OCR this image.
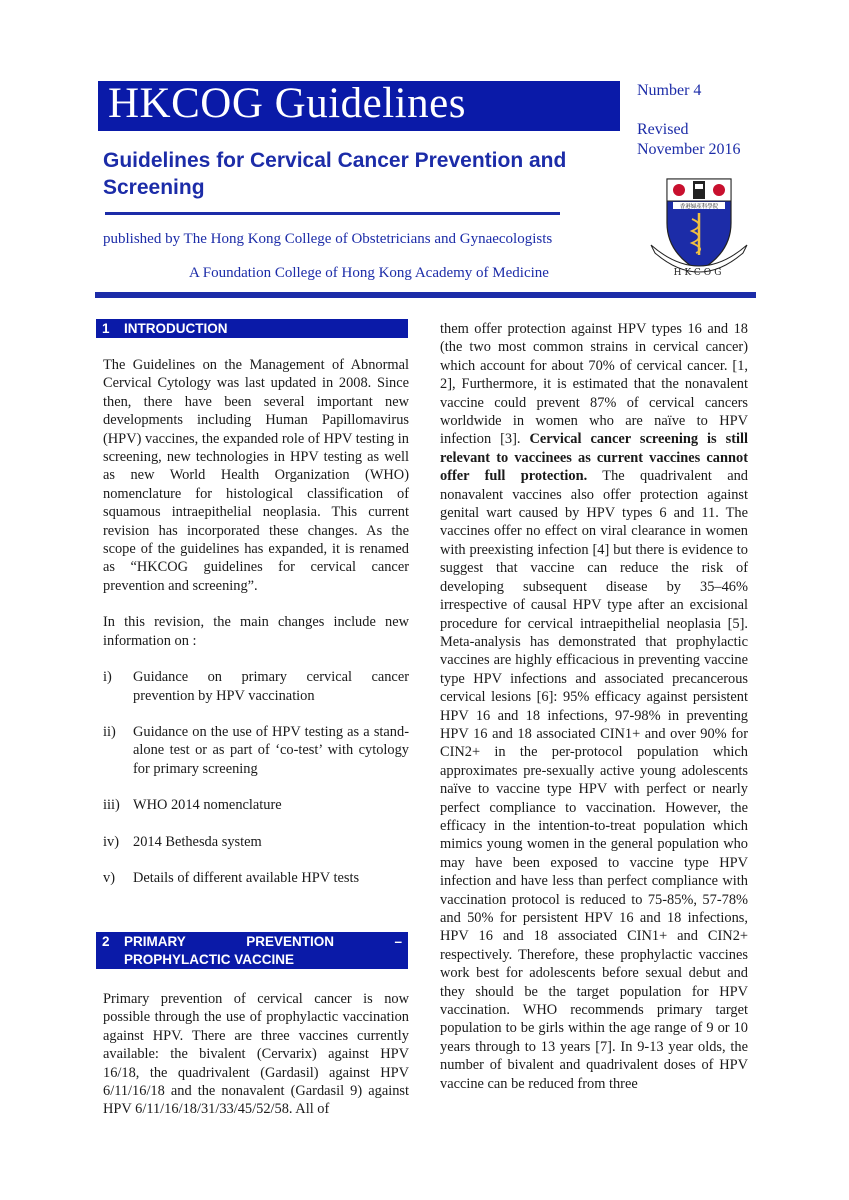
HKCOG Guidelines	Number 4
Revised
November 2016
Guidelines for Cervical Cancer Prevention and Screening
published by The Hong Kong College of Obstetricians and Gynaecologists
A Foundation College of Hong Kong Academy of Medicine
香港婦產科學院
HKCOG
1 INTRODUCTION

The Guidelines on the Management of Abnormal Cervical Cytology was last updated in 2008. Since then, there have been several important new developments including Human Papillomavirus (HPV) vaccines, the expanded role of HPV testing in screening, new technologies in HPV testing as well as new World Health Organization (WHO) nomenclature for histological classification of squamous intraepithelial neoplasia. This current revision has incorporated these changes. As the scope of the guidelines has expanded, it is renamed as “HKCOG guidelines for cervical cancer prevention and screening”.

In this revision, the main changes include new information on :

i)	Guidance on primary cervical cancer prevention by HPV vaccination
ii)	Guidance on the use of HPV testing as a stand- alone test or as part of ‘co-test’ with cytology for primary screening
iii) WHO 2014 nomenclature
iv) 2014 Bethesda system
v)	Details of different available HPV tests
2 PRIMARY	PREVENTION	–
PROPHYLACTIC VACCINE

Primary prevention of cervical cancer is now possible through the use of prophylactic vaccination against HPV. There are three vaccines currently available: the bivalent (Cervarix) against HPV 16/18, the quadrivalent (Gardasil) against HPV 6/11/16/18 and the nonavalent (Gardasil 9) against HPV 6/11/16/18/31/33/45/52/58. All of

them offer protection against HPV types 16 and 18 (the two most common strains in cervical cancer) which account for about 70% of cervical cancer. [1, 2], Furthermore, it is estimated that the nonavalent vaccine could prevent 87% of cervical cancers worldwide in women who are naïve to HPV infection [3]. Cervical cancer screening is still relevant to vaccinees as current vaccines cannot offer full protection. The quadrivalent and nonavalent vaccines also offer protection against genital wart caused by HPV types 6 and 11. The vaccines offer no effect on viral clearance in women with preexisting infection [4] but there is evidence to suggest that vaccine can reduce the risk of developing subsequent disease by 35–46% irrespective of causal HPV type after an excisional procedure for cervical intraepithelial neoplasia [5]. Meta-analysis has demonstrated that prophylactic vaccines are highly efficacious in preventing vaccine type HPV infections and associated precancerous cervical lesions [6]: 95% efficacy against persistent HPV 16 and 18 infections, 97-98% in preventing HPV 16 and 18 associated CIN1+ and over 90% for CIN2+ in the per-protocol population which approximates pre-sexually active young adolescents naïve to vaccine type HPV with perfect or nearly perfect compliance to vaccination. However, the efficacy in the intention-to-treat population which mimics young women in the general population who may have been exposed to vaccine type HPV infection and have less than perfect compliance with vaccination protocol is reduced to 75-85%, 57-78% and 50% for persistent HPV 16 and 18 infections, HPV 16 and 18 associated CIN1+ and CIN2+ respectively. Therefore, these prophylactic vaccines work best for adolescents before sexual debut and they should be the target population for HPV vaccination. WHO recommends primary target population to be girls within the age range of 9 or 10 years through to 13 years [7]. In 9-13 year olds, the number of bivalent and quadrivalent doses of HPV vaccine can be reduced from three
